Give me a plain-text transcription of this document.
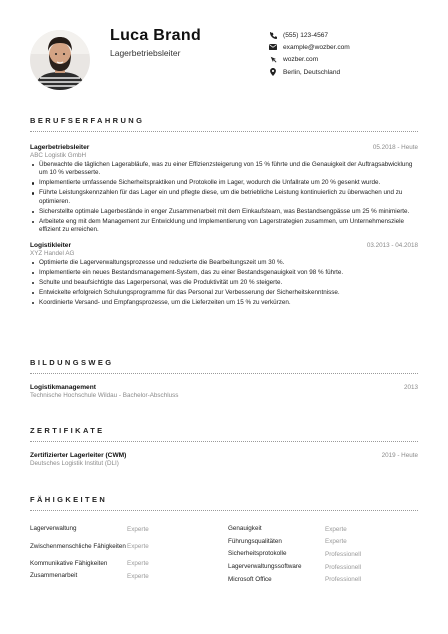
Luca Brand
Lagerbetriebsleiter
(555) 123-4567
example@wozber.com
wozber.com
Berlin, Deutschland
BERUFSERFAHRUNG
Lagerbetriebsleiter
ABC Logistik GmbH
05.2018 - Heute
Überwachte die täglichen Lagerabläufe, was zu einer Effizienzsteigerung von 15 % führte und die Genauigkeit der Auftragsabwicklung um 10 % verbesserte.
Implementierte umfassende Sicherheitspraktiken und Protokolle im Lager, wodurch die Unfallrate um 20 % gesenkt wurde.
Führte Leistungskennzahlen für das Lager ein und pflegte diese, um die betriebliche Leistung kontinuierlich zu überwachen und zu optimieren.
Sicherstellte optimale Lagerbestände in enger Zusammenarbeit mit dem Einkaufsteam, was Bestandsengpässe um 25 % minimierte.
Arbeitete eng mit dem Management zur Entwicklung und Implementierung von Lagerstrategien zusammen, um Unternehmensziele effizient zu erreichen.
Logistikleiter
XYZ Handel AG
03.2013 - 04.2018
Optimierte die Lagerverwaltungsprozesse und reduzierte die Bearbeitungszeit um 30 %.
Implementierte ein neues Bestandsmanagement-System, das zu einer Bestandsgenauigkeit von 98 % führte.
Schulte und beaufsichtigte das Lagerpersonal, was die Produktivität um 20 % steigerte.
Entwickelte erfolgreich Schulungsprogramme für das Personal zur Verbesserung der Sicherheitskenntnisse.
Koordinierte Versand- und Empfangsprozesse, um die Lieferzeiten um 15 % zu verkürzen.
BILDUNGSWEG
Logistikmanagement
Technische Hochschule Wildau - Bachelor-Abschluss
2013
ZERTIFIKATE
Zertifizierter Lagerleiter (CWM)
Deutsches Logistik Institut (DLI)
2019 - Heute
FÄHIGKEITEN
Lagerverwaltung	Experte
Zwischenmenschliche Fähigkeiten Experte
Kommunikative Fähigkeiten	Experte
Zusammenarbeit	Experte
Genauigkeit	Experte
Führungsqualitäten	Experte
Sicherheitsprotokolle	Professionell
Lagerverwaltungssoftware	Professionell
Microsoft Office	Professionell
